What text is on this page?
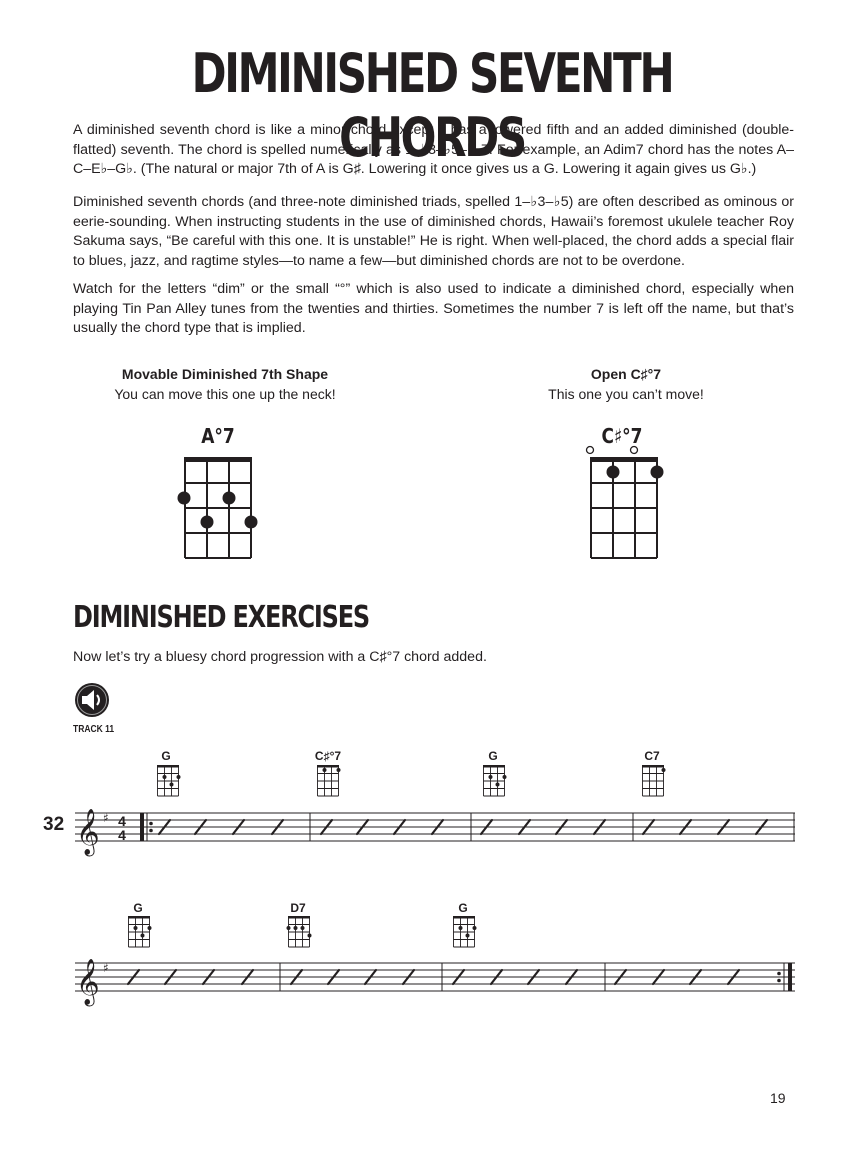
DIMINISHED SEVENTH CHORDS

A diminished seventh chord is like a minor chord except it has a lowered fifth and an added diminished (double-flatted) seventh. The chord is spelled numerically as 1–♭3–♭5–♭♭7. For example, an Adim7 chord has the notes A–C–E♭–G♭. (The natural or major 7th of A is G♯. Lowering it once gives us a G. Lowering it again gives us G♭.)

Diminished seventh chords (and three-note diminished triads, spelled 1–♭3–♭5) are often described as ominous or eerie-sounding. When instructing students in the use of diminished chords, Hawaii’s foremost ukulele teacher Roy Sakuma says, “Be careful with this one. It is unstable!” He is right. When well-placed, the chord adds a special flair to blues, jazz, and ragtime styles—to name a few—but diminished chords are not to be overdone.

Watch for the letters “dim” or the small “°” which is also used to indicate a diminished chord, especially when playing Tin Pan Alley tunes from the twenties and thirties. Sometimes the number 7 is left off the name, but that’s usually the chord type that is implied.

Movable Diminished 7th Shape
You can move this one up the neck!
Open C♯°7
This one you can’t move!
A°7	C♯°7
DIMINISHED EXERCISES

Now let’s try a bluesy chord progression with a C♯°7 chord added.

TRACK 11
G	C♯°7	G	C7
32 𝄞 ♯ 4
4
G	D7	G
𝄞 ♯
19
